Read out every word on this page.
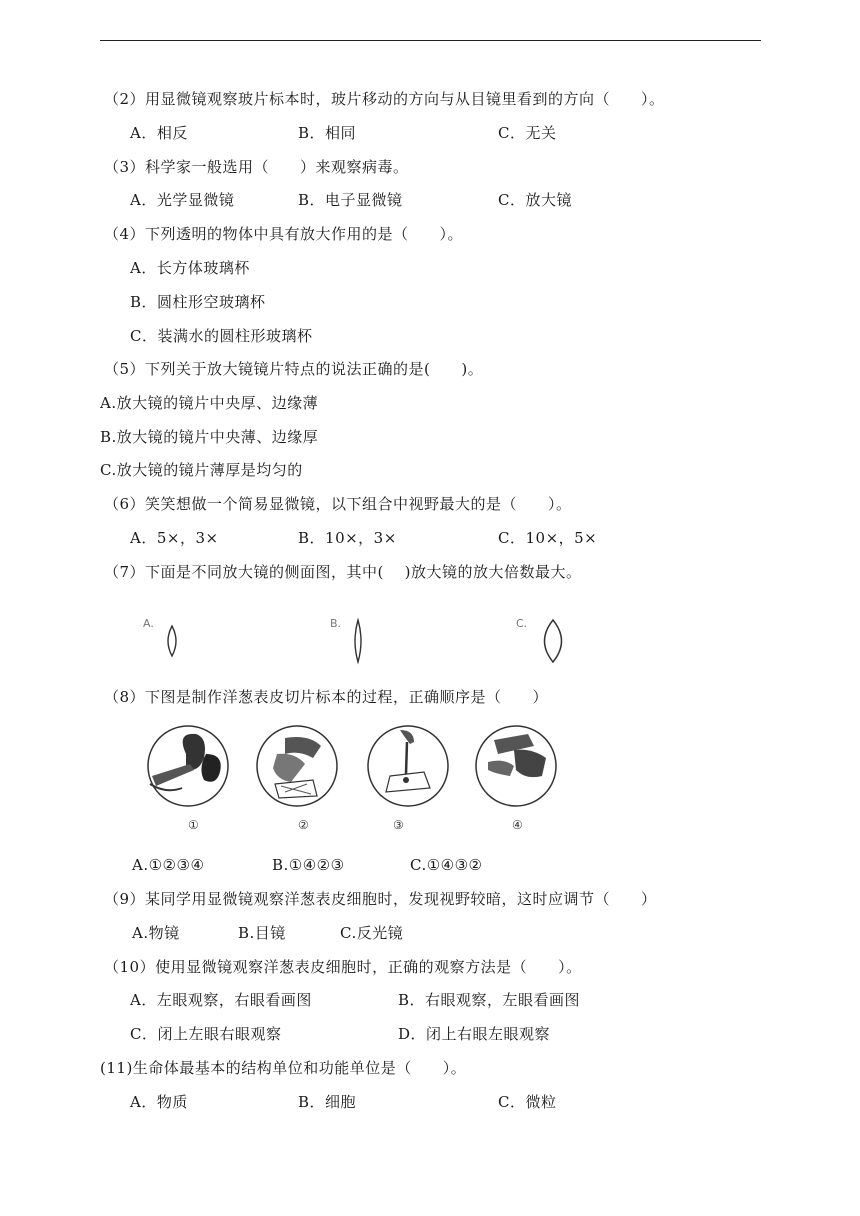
（2）用显微镜观察玻片标本时，玻片移动的方向与从目镜里看到的方向（　　）。
A．相反	B．相同	C．无关
（3）科学家一般选用（　　）来观察病毒。
A．光学显微镜	B．电子显微镜	C．放大镜
（4）下列透明的物体中具有放大作用的是（　　）。
A．长方体玻璃杯
B．圆柱形空玻璃杯
C．装满水的圆柱形玻璃杯
（5）下列关于放大镜镜片特点的说法正确的是(　　)。
A.放大镜的镜片中央厚、边缘薄
B.放大镜的镜片中央薄、边缘厚
C.放大镜的镜片薄厚是均匀的
（6）笑笑想做一个简易显微镜，以下组合中视野最大的是（　　）。
A．5×，3×	B．10×，3×	C．10×，5×
（7）下面是不同放大镜的侧面图，其中(　 )放大镜的放大倍数最大。
A.	B.	C.
（8）下图是制作洋葱表皮切片标本的过程，正确顺序是（　　）
①	②	③	④
A.①②③④	B.①④②③	C.①④③②
（9）某同学用显微镜观察洋葱表皮细胞时，发现视野较暗，这时应调节（　　）
A.物镜	B.目镜	C.反光镜
（10）使用显微镜观察洋葱表皮细胞时，正确的观察方法是（　　）。
A．左眼观察，右眼看画图	B．右眼观察，左眼看画图
C．闭上左眼右眼观察	D．闭上右眼左眼观察
(11)生命体最基本的结构单位和功能单位是（　　）。
A．物质	B．细胞	C．微粒
